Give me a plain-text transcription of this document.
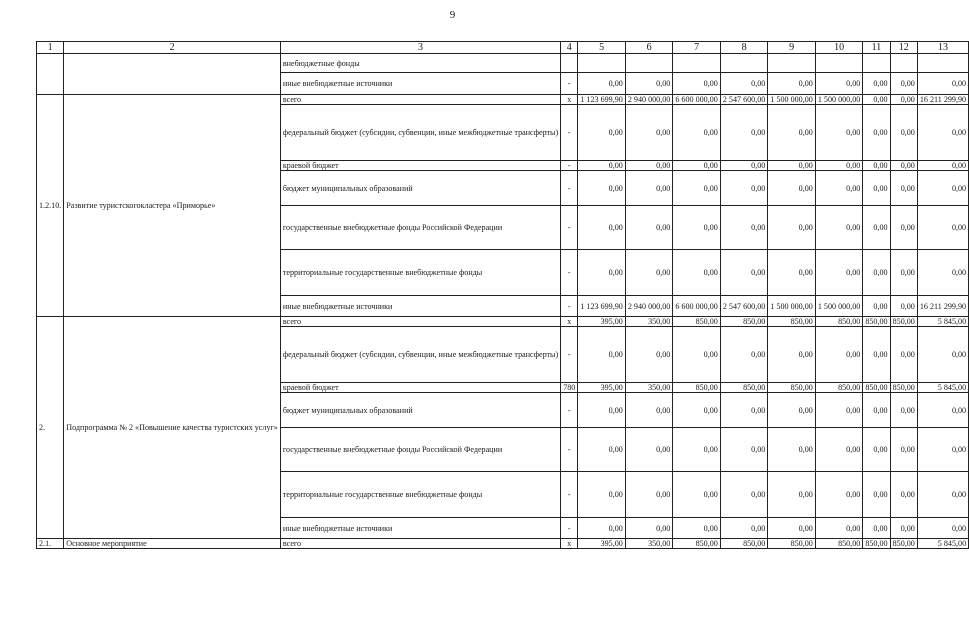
9
1	2	3	4	5	6	7	8	9	10	11	12	13
		внебюджетные фонды										
		иные внебюджетные источники	-	0,00	0,00	0,00	0,00	0,00	0,00	0,00	0,00	0,00
1.2.10.	Развитие туристскогокластера «Приморье»	всего	x	1 123 699,90	2 940 000,00	6 600 000,00	2 547 600,00	1 500 000,00	1 500 000,00	0,00	0,00	16 211 299,90
		федеральный бюджет (субсидии, субвенции, иные межбюджетные трансферты)	-	0,00	0,00	0,00	0,00	0,00	0,00	0,00	0,00	0,00
		краевой бюджет	-	0,00	0,00	0,00	0,00	0,00	0,00	0,00	0,00	0,00
		бюджет муниципальных образований	-	0,00	0,00	0,00	0,00	0,00	0,00	0,00	0,00	0,00
		государственные внебюджетные фонды Российской Федерации	-	0,00	0,00	0,00	0,00	0,00	0,00	0,00	0,00	0,00
		территориальные государственные внебюджетные фонды	-	0,00	0,00	0,00	0,00	0,00	0,00	0,00	0,00	0,00
		иные внебюджетные источники	-	1 123 699,90	2 940 000,00	6 600 000,00	2 547 600,00	1 500 000,00	1 500 000,00	0,00	0,00	16 211 299,90
2.	Подпрограмма № 2 «Повышение качества туристских услуг»	всего	x	395,00	350,00	850,00	850,00	850,00	850,00	850,00	850,00	5 845,00
		федеральный бюджет (субсидии, субвенции, иные межбюджетные трансферты)	-	0,00	0,00	0,00	0,00	0,00	0,00	0,00	0,00	0,00
		краевой бюджет	780	395,00	350,00	850,00	850,00	850,00	850,00	850,00	850,00	5 845,00
		бюджет муниципальных образований	-	0,00	0,00	0,00	0,00	0,00	0,00	0,00	0,00	0,00
		государственные внебюджетные фонды Российской Федерации	-	0,00	0,00	0,00	0,00	0,00	0,00	0,00	0,00	0,00
		территориальные государственные внебюджетные фонды	-	0,00	0,00	0,00	0,00	0,00	0,00	0,00	0,00	0,00
		иные внебюджетные источники	-	0,00	0,00	0,00	0,00	0,00	0,00	0,00	0,00	0,00
2.1.	Основное мероприятие	всего	x	395,00	350,00	850,00	850,00	850,00	850,00	850,00	850,00	5 845,00
